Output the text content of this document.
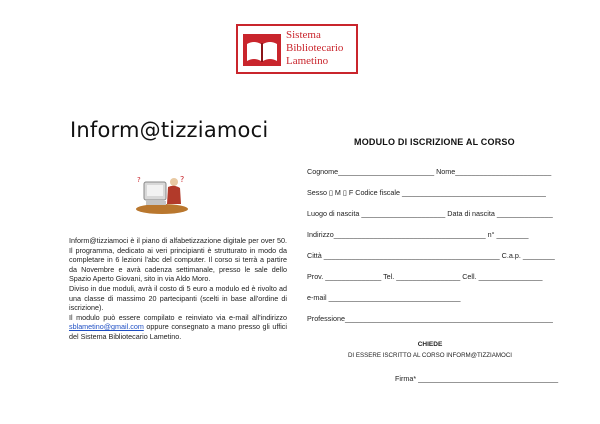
Sistema
Bibliotecario
Lametino
Inform@tizziamoci
?
?

Inform@tizziamoci è il piano di alfabetizzazione digitale per over 50. Il programma, dedicato ai veri principianti è strutturato in modo da completare in 6 lezioni l'abc del computer. Il corso si terrà a partire da Novembre e avrà cadenza settimanale, presso le sale dello Spazio Aperto Giovani, sito in via Aldo Moro.

Diviso in due moduli, avrà il costo di 5 euro a modulo ed è rivolto ad una classe di massimo 20 partecipanti (scelti in base all'ordine di iscrizione).

Il modulo può essere compilato e reinviato via e-mail all'indirizzo sblametino@gmail.com oppure consegnato a mano presso gli uffici del Sistema Bibliotecario Lametino.

MODULO DI ISCRIZIONE AL CORSO
Cognome________________________ Nome________________________
Sesso ▯ M ▯ F Codice fiscale ____________________________________
Luogo di nascita _____________________ Data di nascita ______________
Indirizzo______________________________________ n° ________
Città ____________________________________________ C.a.p. ________
Prov. ______________ Tel. ________________ Cell. ________________
e-mail _________________________________
Professione____________________________________________________
CHIEDE
DI ESSERE ISCRITTO AL CORSO INFORM@TIZZIAMOCI
Firma* ___________________________________
